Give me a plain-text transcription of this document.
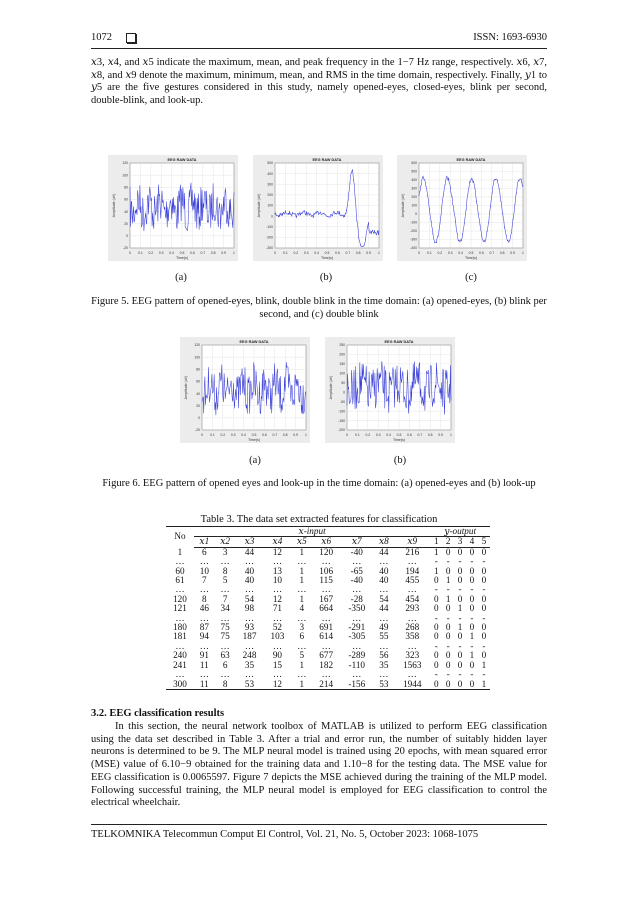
1072	ISSN: 1693-6930
𝑥3, 𝑥4, and 𝑥5 indicate the maximum, mean, and peak frequency in the 1−7 Hz range, respectively. 𝑥6, 𝑥7, 𝑥8, and 𝑥9 denote the maximum, minimum, mean, and RMS in the time domain, respectively. Finally, 𝑦1 to 𝑦5 are the five gestures considered in this study, namely opened-eyes, closed-eyes, blink per second, double-blink, and look-up.
0 0.1 0.2 0.3 0.4 0.5 0.6 0.7 0.8 0.9 1
120
100
80
60
40
20
0
-20
EEG RAW DATA
Time(s)
Amplitude (uV)
0 0.1 0.2 0.3 0.4 0.5 0.6 0.7 0.8 0.9 1
500
400
300
200
100
0
-100
-200
-300
EEG RAW DATA
Time(s)
Amplitude (uV)
0 0.1 0.2 0.3 0.4 0.5 0.6 0.7 0.8 0.9 1
600
500
400
300
200
100
0
-100
-200
-300
-400
EEG RAW DATA
Time(s)
Amplitude (uV)
(a)	(b)	(c)
Figure 5. EEG pattern of opened-eyes, blink, double blink in the time domain: (a) opened-eyes, (b) blink per second, and (c) double blink
0 0.1 0.2 0.3 0.4 0.5 0.6 0.7 0.8 0.9 1
120
100
80
60
40
20
0
-20
EEG RAW DATA
Time(s)
Amplitude (uV)
0 0.1 0.2 0.3 0.4 0.5 0.6 0.7 0.8 0.9 1
250
200
150
100
50
0
-50
-100
-150
-200
EEG RAW DATA
Time(s)
Amplitude (uV)
(a)	(b)
Figure 6. EEG pattern of opened eyes and look-up in the time domain: (a) opened-eyes and (b) look-up
Table 3. The data set extracted features for classification
No	𝑥-input									𝑦-output				
	𝑥1	𝑥2	𝑥3	𝑥4	𝑥5	𝑥6	𝑥7	𝑥8	𝑥9	1	2	3	4	5
1	6	3	44	12	1	120	-40	44	216	1	0	0	0	0
…	…	…	…	…	…	…	…	…	…	-	-	-	-	-
60	10	8	40	13	1	106	-65	40	194	1	0	0	0	0
61	7	5	40	10	1	115	-40	40	455	0	1	0	0	0
…	…	…	…	…	…	…	…	…	…	-	-	-	-	-
120	8	7	54	12	1	167	-28	54	454	0	1	0	0	0
121	46	34	98	71	4	664	-350	44	293	0	0	1	0	0
…	…	…	…	…	…	…	…	…	…	-	-	-	-	-
180	87	75	93	52	3	691	-291	49	268	0	0	1	0	0
181	94	75	187	103	6	614	-305	55	358	0	0	0	1	0
…	…	…	…	…	…	…	…	…	…	-	-	-	-	-
240	91	63	248	90	5	677	-289	56	323	0	0	0	1	0
241	11	6	35	15	1	182	-110	35	1563	0	0	0	0	1
…	…	…	…	…	…	…	…	…	…	-	-	-	-	-
300	11	8	53	12	1	214	-156	53	1944	0	0	0	0	1
3.2. EEG classification results
In this section, the neural network toolbox of MATLAB is utilized to perform EEG classification using the data set described in Table 3. After a trial and error run, the number of suitably hidden layer neurons is determined to be 9. The MLP neural model is trained using 20 epochs, with mean squared error (MSE) value of 6.10−9 obtained for the training data and 1.10−8 for the testing data. The MSE value for EEG classification is 0.0065597. Figure 7 depicts the MSE achieved during the training of the MLP model. Following successful training, the MLP neural model is employed for EEG classification to control the electrical wheelchair.
TELKOMNIKA Telecommun Comput El Control, Vol. 21, No. 5, October 2023: 1068-1075
